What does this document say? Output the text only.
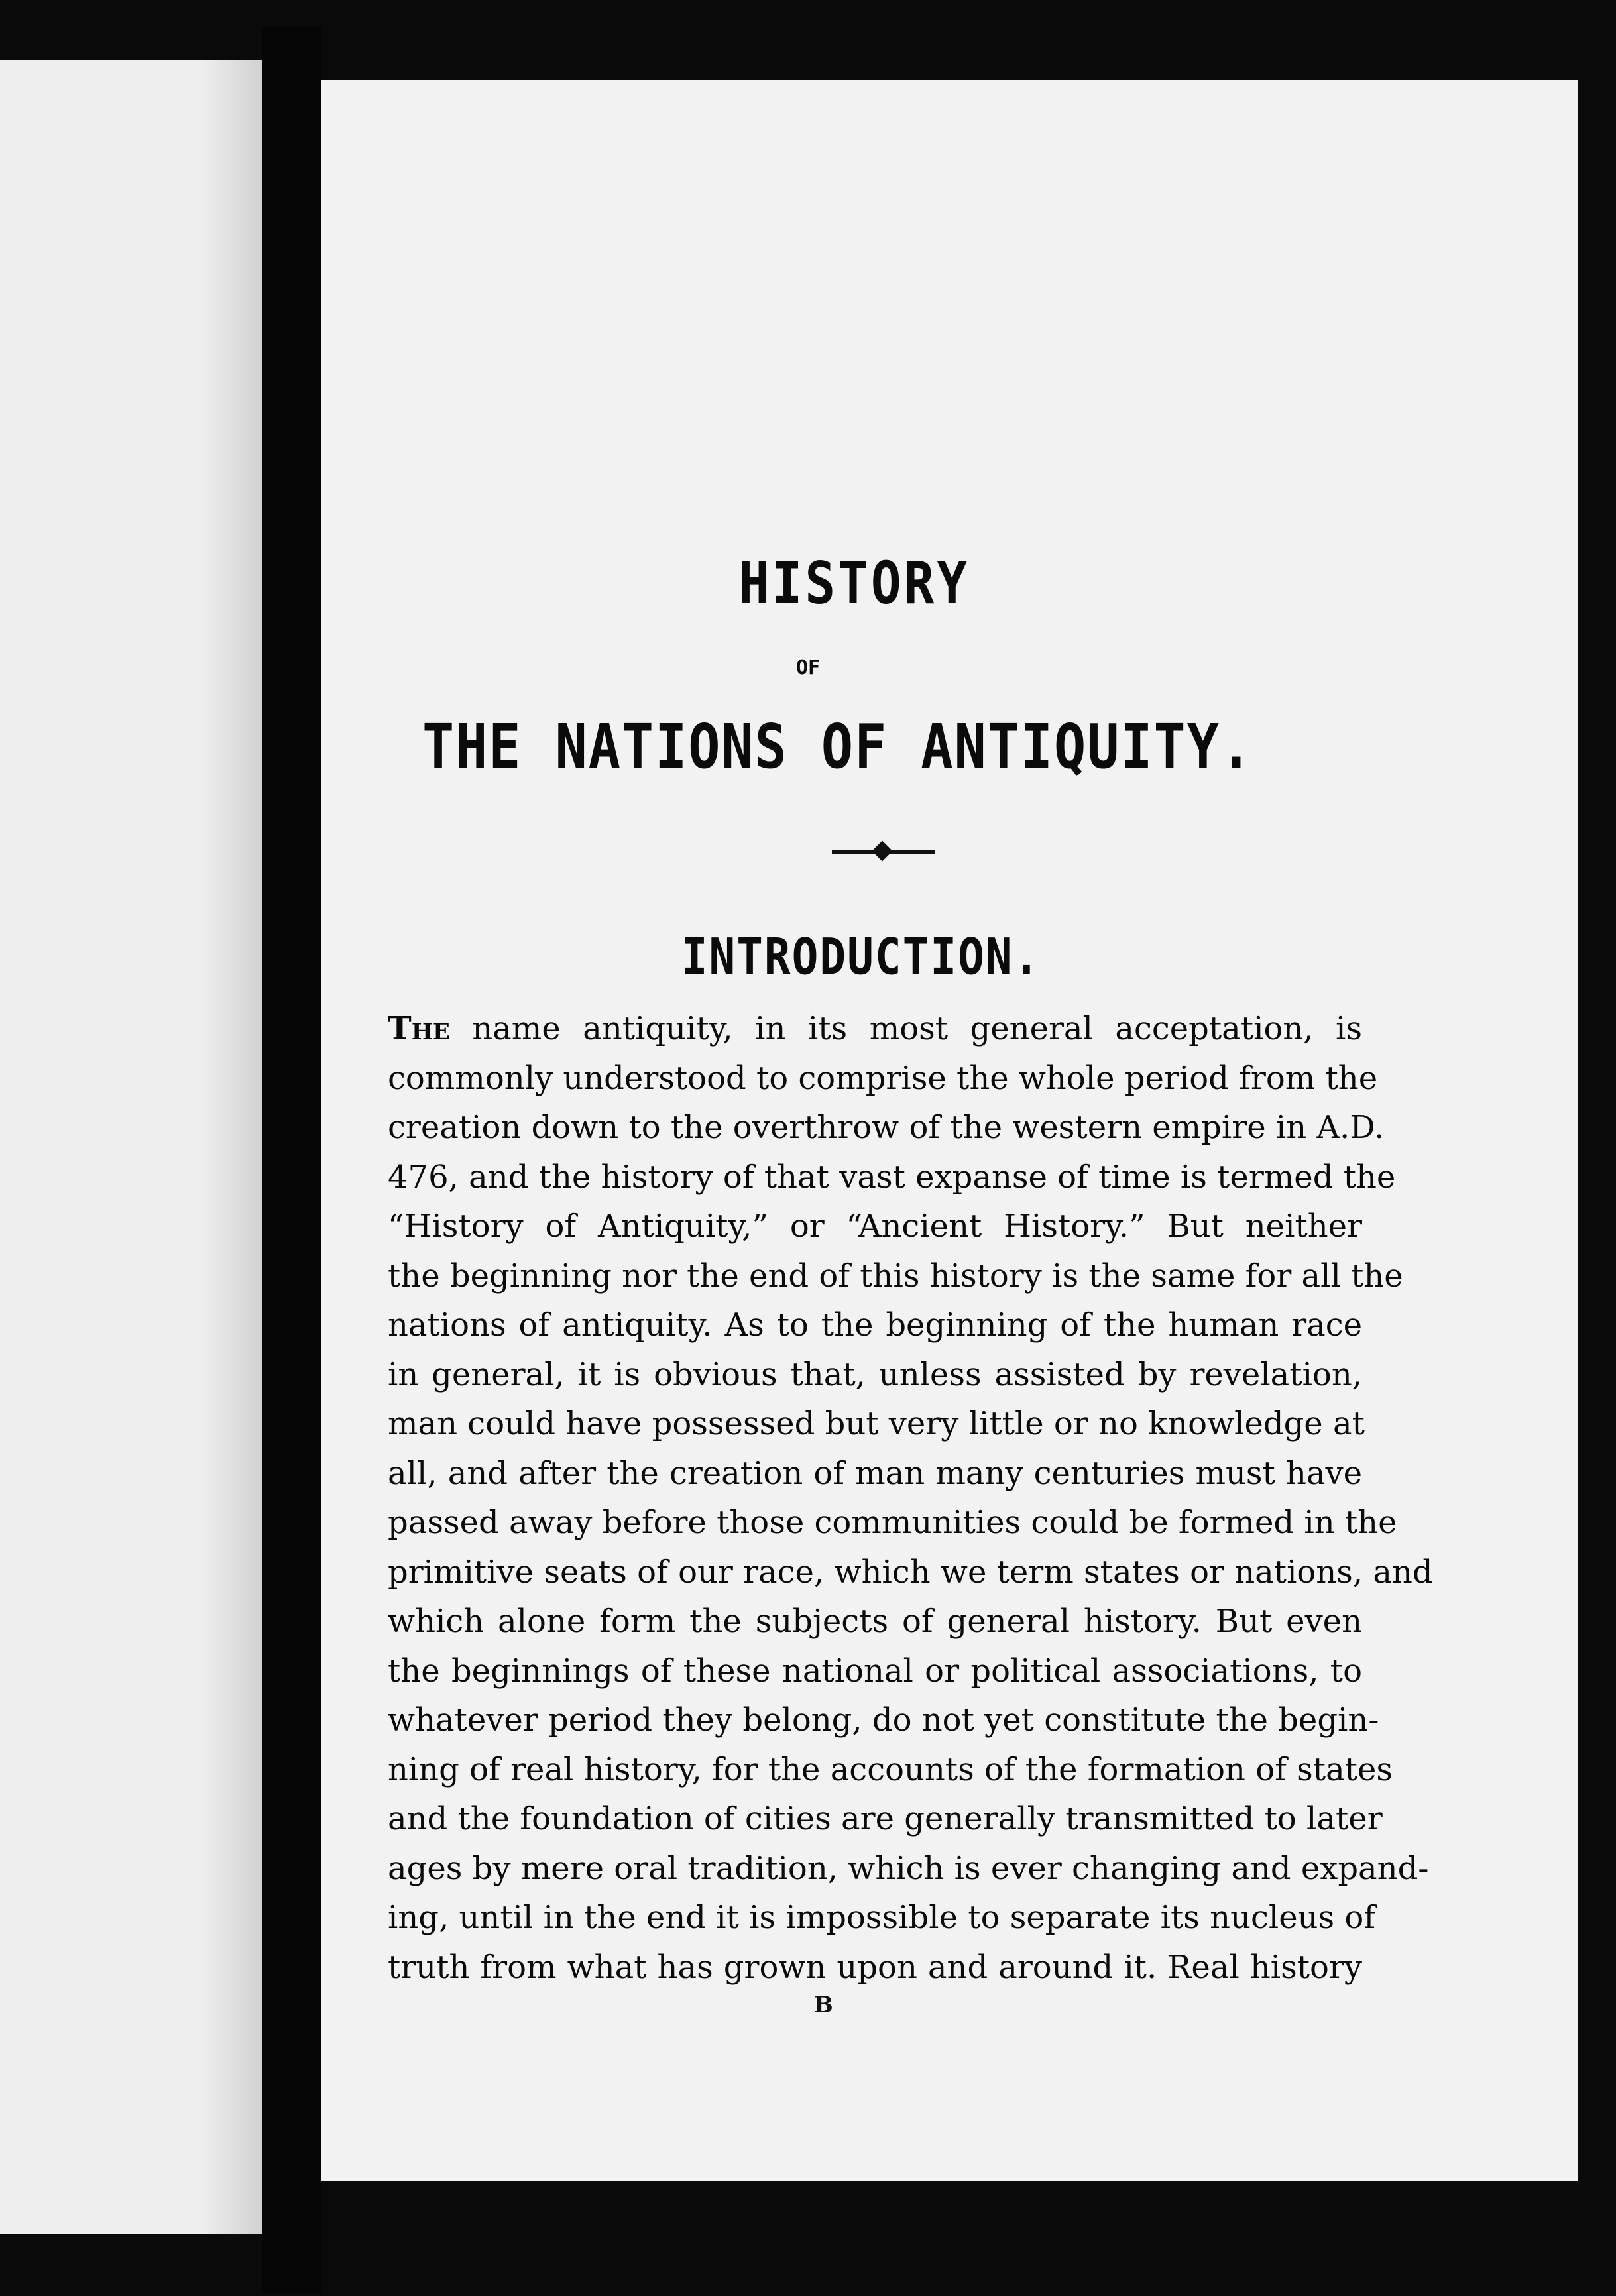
HISTORY
OF
THE NATIONS OF ANTIQUITY.
INTRODUCTION.
The name antiquity, in its most general acceptation, is
commonly understood to comprise the whole period from the
creation down to the overthrow of the western empire in A.D.
476, and the history of that vast expanse of time is termed the
“History of Antiquity,” or “Ancient History.” But neither
the beginning nor the end of this history is the same for all the
nations of antiquity. As to the beginning of the human race
in general, it is obvious that, unless assisted by revelation,
man could have possessed but very little or no knowledge at
all, and after the creation of man many centuries must have
passed away before those communities could be formed in the
primitive seats of our race, which we term states or nations, and
which alone form the subjects of general history. But even
the beginnings of these national or political associations, to
whatever period they belong, do not yet constitute the begin-
ning of real history, for the accounts of the formation of states
and the foundation of cities are generally transmitted to later
ages by mere oral tradition, which is ever changing and expand-
ing, until in the end it is impossible to separate its nucleus of
truth from what has grown upon and around it. Real history
B
